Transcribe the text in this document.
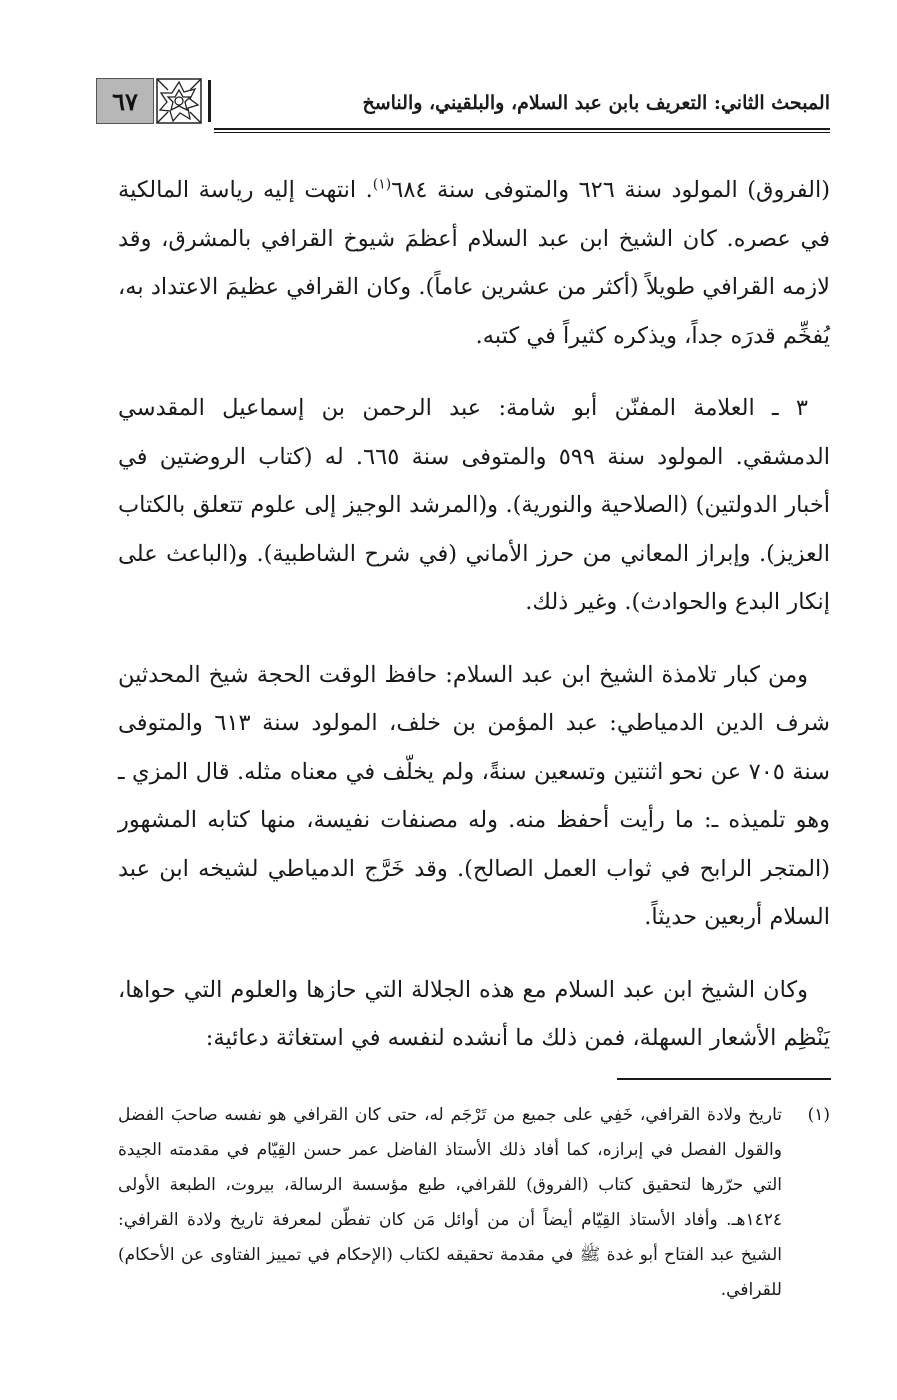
٦٧	المبحث الثاني: التعريف بابن عبد السلام، والبلقيني، والناسخ

(الفروق) المولود سنة ٦٢٦ والمتوفى سنة ٦٨٤$^{(١)}$. انتهت إليه رياسة المالكية في عصره. كان الشيخ ابن عبد السلام أعظمَ شيوخ القرافي بالمشرق، وقد لازمه القرافي طويلاً (أكثر من عشرين عاماً). وكان القرافي عظيمَ الاعتداد به، يُفخِّم قدرَه جداً، ويذكره كثيراً في كتبه.

٣ ـ العلامة المفنّن أبو شامة: عبد الرحمن بن إسماعيل المقدسي الدمشقي. المولود سنة ٥٩٩ والمتوفى سنة ٦٦٥. له (كتاب الروضتين في أخبار الدولتين) (الصلاحية والنورية). و(المرشد الوجيز إلى علوم تتعلق بالكتاب العزيز). وإبراز المعاني من حرز الأماني (في شرح الشاطبية). و(الباعث على إنكار البدع والحوادث). وغير ذلك.

ومن كبار تلامذة الشيخ ابن عبد السلام: حافظ الوقت الحجة شيخ المحدثين شرف الدين الدمياطي: عبد المؤمن بن خلف، المولود سنة ٦١٣ والمتوفى سنة ٧٠٥ عن نحو اثنتين وتسعين سنةً، ولم يخلّف في معناه مثله. قال المزي ـ وهو تلميذه ـ: ما رأيت أحفظ منه. وله مصنفات نفيسة، منها كتابه المشهور (المتجر الرابح في ثواب العمل الصالح). وقد خَرَّج الدمياطي لشيخه ابن عبد السلام أربعين حديثاً.

وكان الشيخ ابن عبد السلام مع هذه الجلالة التي حازها والعلوم التي حواها، يَنْظِم الأشعار السهلة، فمن ذلك ما أنشده لنفسه في استغاثة دعائية:

(١)
تاريخ ولادة القرافي، خَفِي على جميع من تَرْجَم له، حتى كان القرافي هو نفسه صاحبَ الفضل والقول الفصل في إبرازه، كما أفاد ذلك الأستاذ الفاضل عمر حسن القِيّام في مقدمته الجيدة التي حرّرها لتحقيق كتاب (الفروق) للقرافي، طبع مؤسسة الرسالة، بيروت، الطبعة الأولى ١٤٢٤هـ. وأفاد الأستاذ القِيّام أيضاً أن من أوائل مَن كان تفطّن لمعرفة تاريخ ولادة القرافي: الشيخ عبد الفتاح أبو غدة ﷺ في مقدمة تحقيقه لكتاب (الإحكام في تمييز الفتاوى عن الأحكام) للقرافي.
